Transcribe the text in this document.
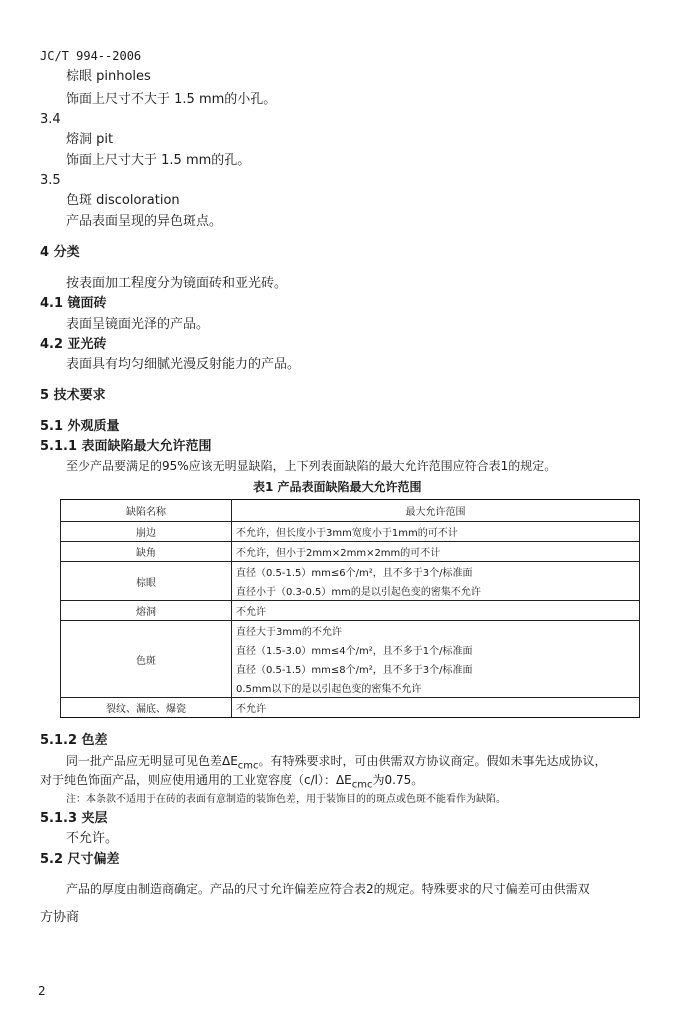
JC/T 994--2006
棕眼 pinholes
饰面上尺寸不大于 1.5 mm的小孔。
3.4
熔洞 pit
饰面上尺寸大于 1.5 mm的孔。
3.5
色斑 discoloration
产品表面呈现的异色斑点。
4 分类
按表面加工程度分为镜面砖和亚光砖。
4.1 镜面砖
表面呈镜面光泽的产品。
4.2 亚光砖
表面具有均匀细腻光漫反射能力的产品。
5 技术要求
5.1 外观质量
5.1.1 表面缺陷最大允许范围
至少产品要满足的95%应该无明显缺陷，上下列表面缺陷的最大允许范围应符合表1的规定。
表1 产品表面缺陷最大允许范围
缺陷名称	最大允许范围
崩边	不允许，但长度小于3mm宽度小于1mm的可不计
缺角	不允许，但小于2mm×2mm×2mm的可不计
棕眼	直径（0.5-1.5）mm≤6个/m²，且不多于3个/标准面
	直径小于（0.3-0.5）mm的是以引起色变的密集不允许
熔洞	不允许
色斑	直径大于3mm的不允许
	直径（1.5-3.0）mm≤4个/m²，且不多于1个/标准面
	直径（0.5-1.5）mm≤8个/m²，且不多于3个/标准面
	0.5mm以下的是以引起色变的密集不允许
裂纹、漏底、爆瓷	不允许
5.1.2 色差
同一批产品应无明显可见色差$\Delta E_{cmc}$。有特殊要求时，可由供需双方协议商定。假如未事先达成协议，
对于纯色饰面产品，则应使用通用的工业宽容度（c/l）：$\Delta E_{cmc}$为0.75。
注：本条款不适用于在砖的表面有意制造的装饰色差，用于装饰目的的斑点或色斑不能看作为缺陷。
5.1.3 夹层
不允许。
5.2 尺寸偏差
产品的厚度由制造商确定。产品的尺寸允许偏差应符合表2的规定。特殊要求的尺寸偏差可由供需双
方协商
2
